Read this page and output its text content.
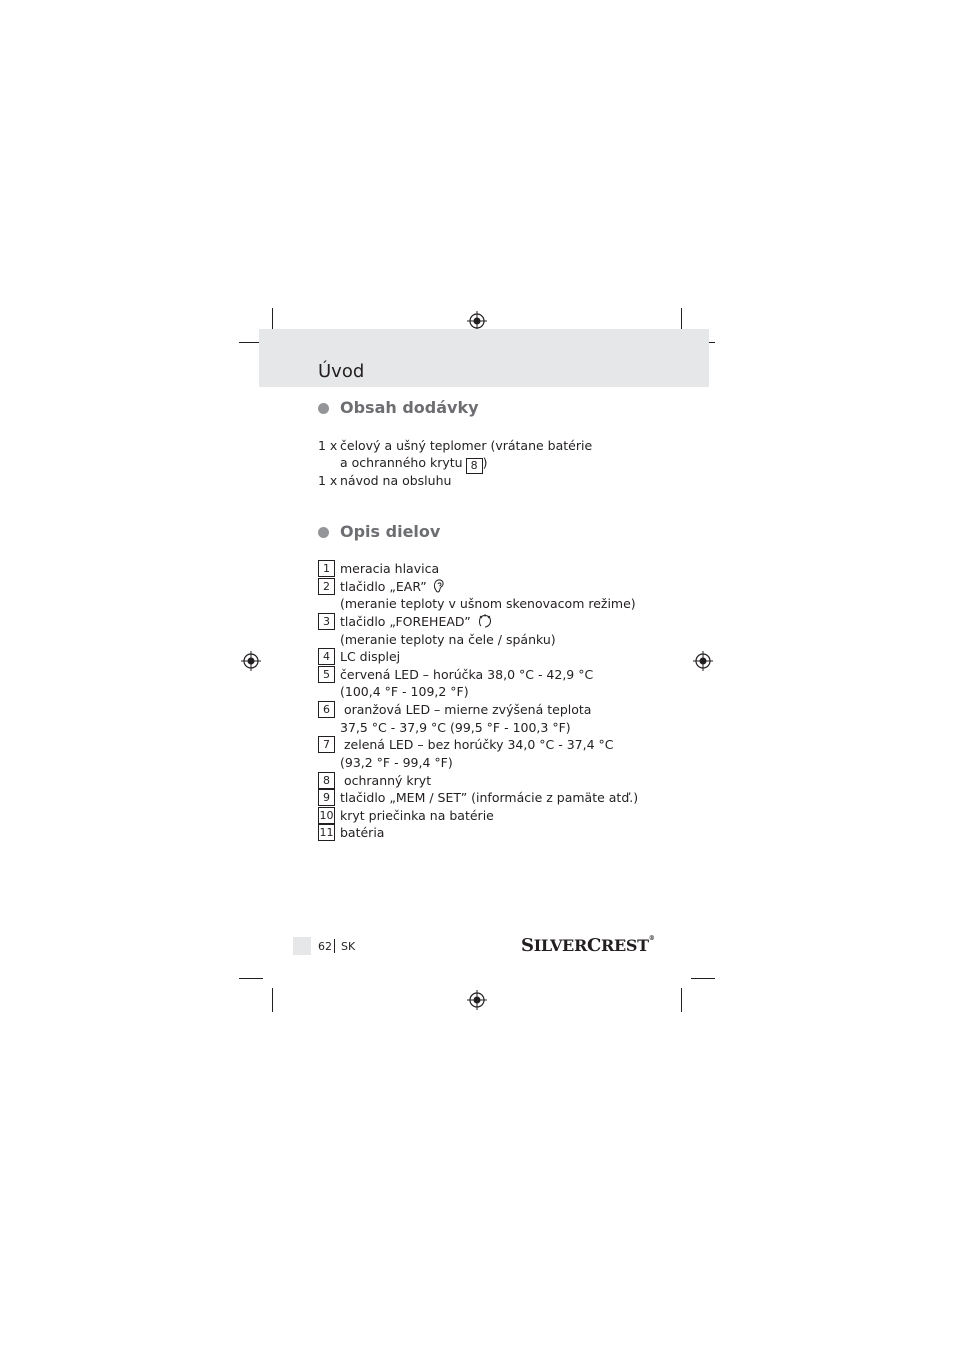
Úvod
Obsah dodávky
1 x čelový a ušný teplomer (vrátane batérie
a ochranného krytu 8 )
1 x návod na obsluhu
Opis dielov
1 meracia hlavica
2 tlačidlo „EAR”
(meranie teploty v ušnom skenovacom režime)
3 tlačidlo „FOREHEAD”
(meranie teploty na čele / spánku)
4 LC displej
5 červená LED – horúčka 38,0 °C - 42,9 °C
(100,4 °F - 109,2 °F)
6 oranžová LED – mierne zvýšená teplota
37,5 °C - 37,9 °C (99,5 °F - 100,3 °F)
7 zelená LED – bez horúčky 34,0 °C - 37,4 °C
(93,2 °F - 99,4 °F)
8 ochranný kryt
9 tlačidlo „MEM / SET” (informácie z pamäte atď.)
10 kryt priečinka na batérie
11 batéria
62 SK	SILVERCREST®
